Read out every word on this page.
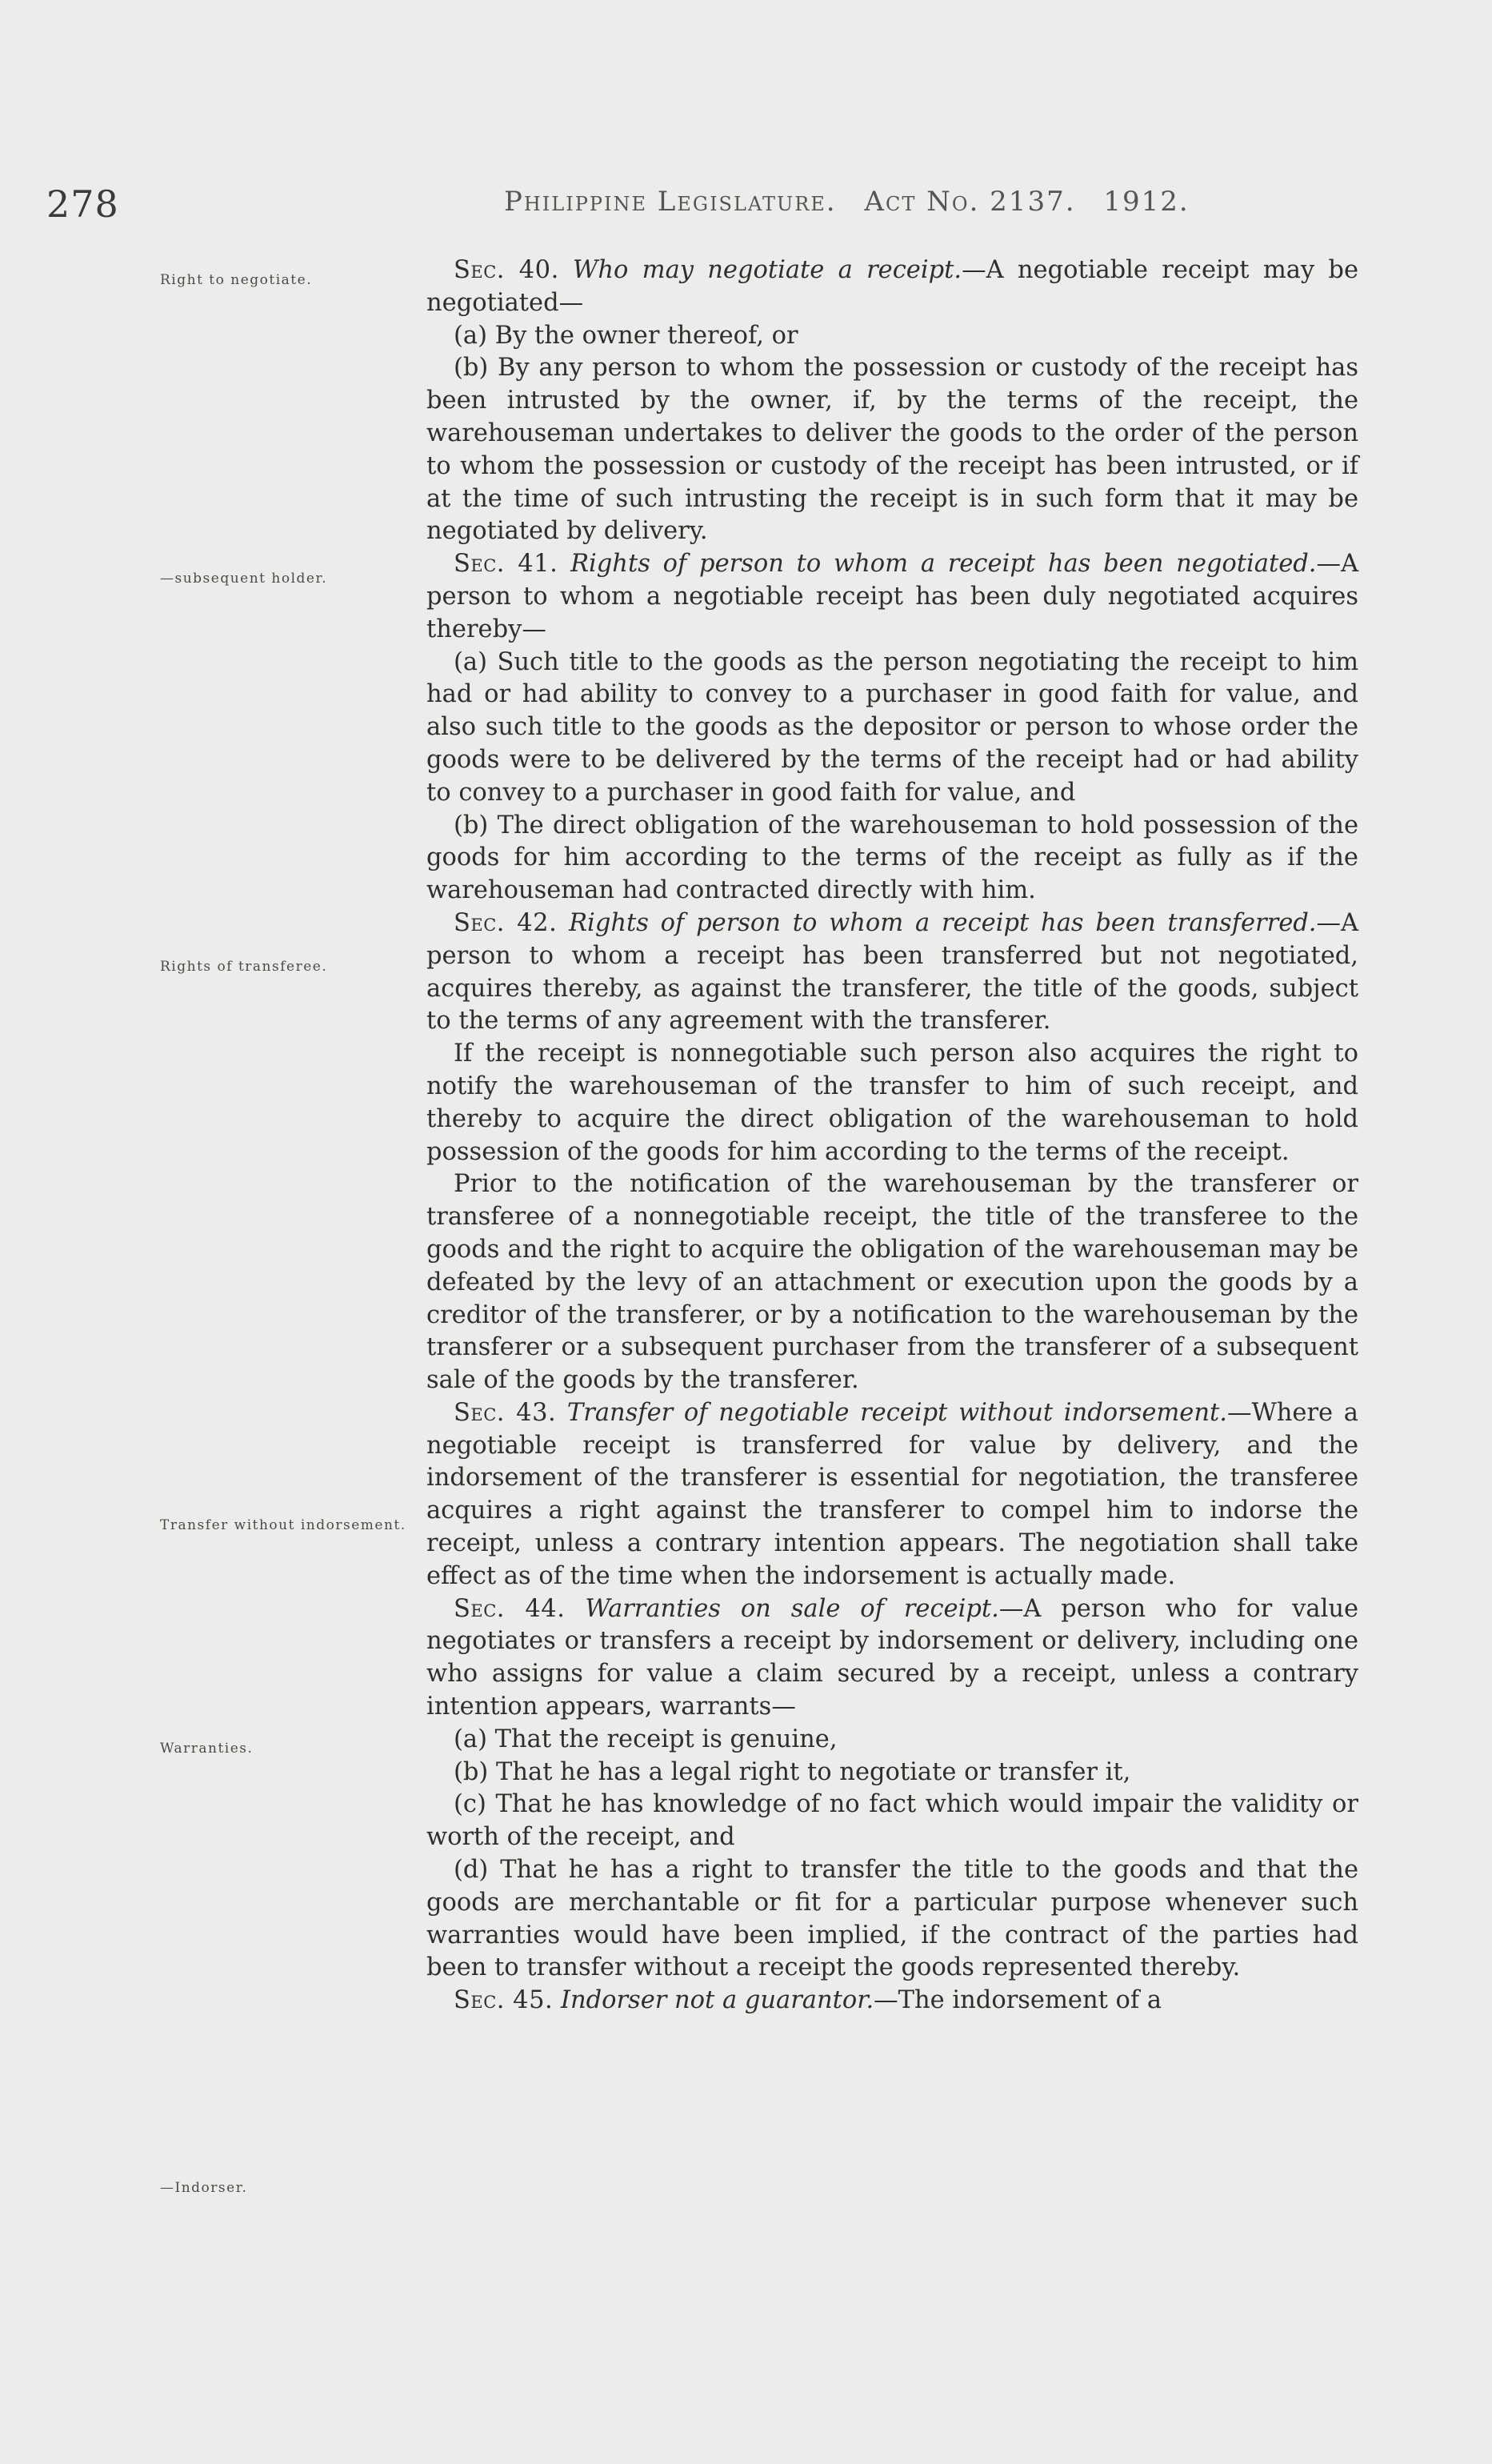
278	Philippine Legislature. Act No. 2137. 1912.
Right to negotiate.
—subsequent holder.
Rights of transferee.
Transfer without indorsement.
Warranties.
—Indorser.

Sec. 40. Who may negotiate a receipt.—A negotiable receipt may be negotiated—

(a) By the owner thereof, or

(b) By any person to whom the possession or custody of the receipt has been intrusted by the owner, if, by the terms of the receipt, the warehouseman undertakes to deliver the goods to the order of the person to whom the possession or custody of the receipt has been intrusted, or if at the time of such intrusting the receipt is in such form that it may be negotiated by delivery.

Sec. 41. Rights of person to whom a receipt has been negotiated.—A person to whom a negotiable receipt has been duly negotiated acquires thereby—

(a) Such title to the goods as the person negotiating the receipt to him had or had ability to convey to a purchaser in good faith for value, and also such title to the goods as the depositor or person to whose order the goods were to be delivered by the terms of the receipt had or had ability to convey to a purchaser in good faith for value, and

(b) The direct obligation of the warehouseman to hold possession of the goods for him according to the terms of the receipt as fully as if the warehouseman had contracted directly with him.

Sec. 42. Rights of person to whom a receipt has been transferred.—A person to whom a receipt has been transferred but not negotiated, acquires thereby, as against the transferer, the title of the goods, subject to the terms of any agreement with the transferer.

If the receipt is nonnegotiable such person also acquires the right to notify the warehouseman of the transfer to him of such receipt, and thereby to acquire the direct obligation of the warehouseman to hold possession of the goods for him according to the terms of the receipt.

Prior to the notification of the warehouseman by the transferer or transferee of a nonnegotiable receipt, the title of the transferee to the goods and the right to acquire the obligation of the warehouseman may be defeated by the levy of an attachment or execution upon the goods by a creditor of the transferer, or by a notification to the warehouseman by the transferer or a subsequent purchaser from the transferer of a subsequent sale of the goods by the transferer.

Sec. 43. Transfer of negotiable receipt without indorsement.—Where a negotiable receipt is transferred for value by delivery, and the indorsement of the transferer is essential for negotiation, the transferee acquires a right against the transferer to compel him to indorse the receipt, unless a contrary intention appears. The negotiation shall take effect as of the time when the indorsement is actually made.

Sec. 44. Warranties on sale of receipt.—A person who for value negotiates or transfers a receipt by indorsement or delivery, including one who assigns for value a claim secured by a receipt, unless a contrary intention appears, warrants—

(a) That the receipt is genuine,

(b) That he has a legal right to negotiate or transfer it,

(c) That he has knowledge of no fact which would impair the validity or worth of the receipt, and

(d) That he has a right to transfer the title to the goods and that the goods are merchantable or fit for a particular purpose whenever such warranties would have been implied, if the contract of the parties had been to transfer without a receipt the goods represented thereby.

Sec. 45. Indorser not a guarantor.—The indorsement of a
